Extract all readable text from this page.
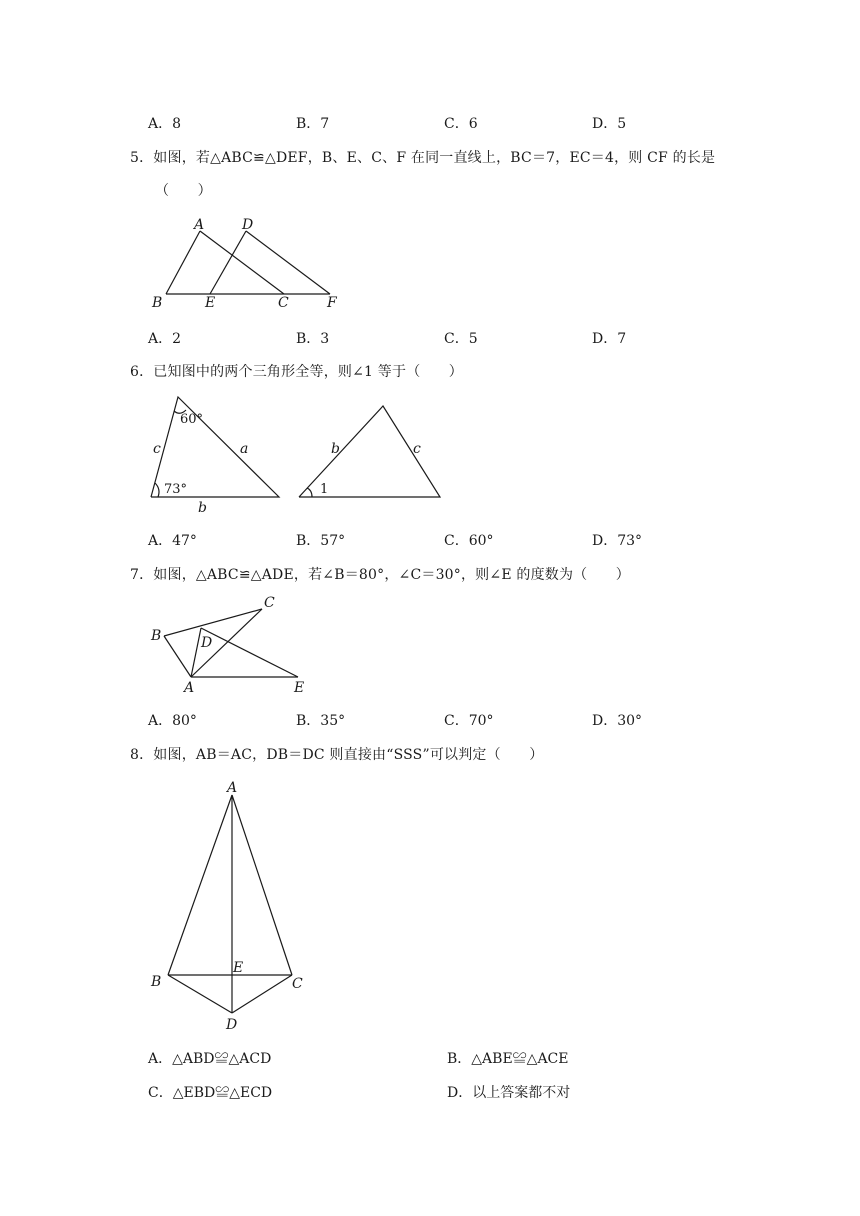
A．8	B．7	C．6	D．5
5．如图，若△ABC≌△DEF，B、E、C、F 在同一直线上，BC＝7，EC＝4，则 CF 的长是
（　　）
A	D
B	E	C	F
A．2	B．3	C．5	D．7
6．已知图中的两个三角形全等，则∠1 等于（　　）
60°
73°
c	a
b
b	c
1
A．47°	B．57°	C．60°	D．73°
7．如图，△ABC≌△ADE，若∠B＝80°，∠C＝30°，则∠E 的度数为（　　）
B
C
D
A	E
A．80°	B．35°	C．70°	D．30°
8．如图，AB＝AC，DB＝DC 则直接由“SSS”可以判定（　　）
A
B
E
C
D
A．△ABD≌△ACD	B．△ABE≌△ACE
C．△EBD≌△ECD	D．以上答案都不对
